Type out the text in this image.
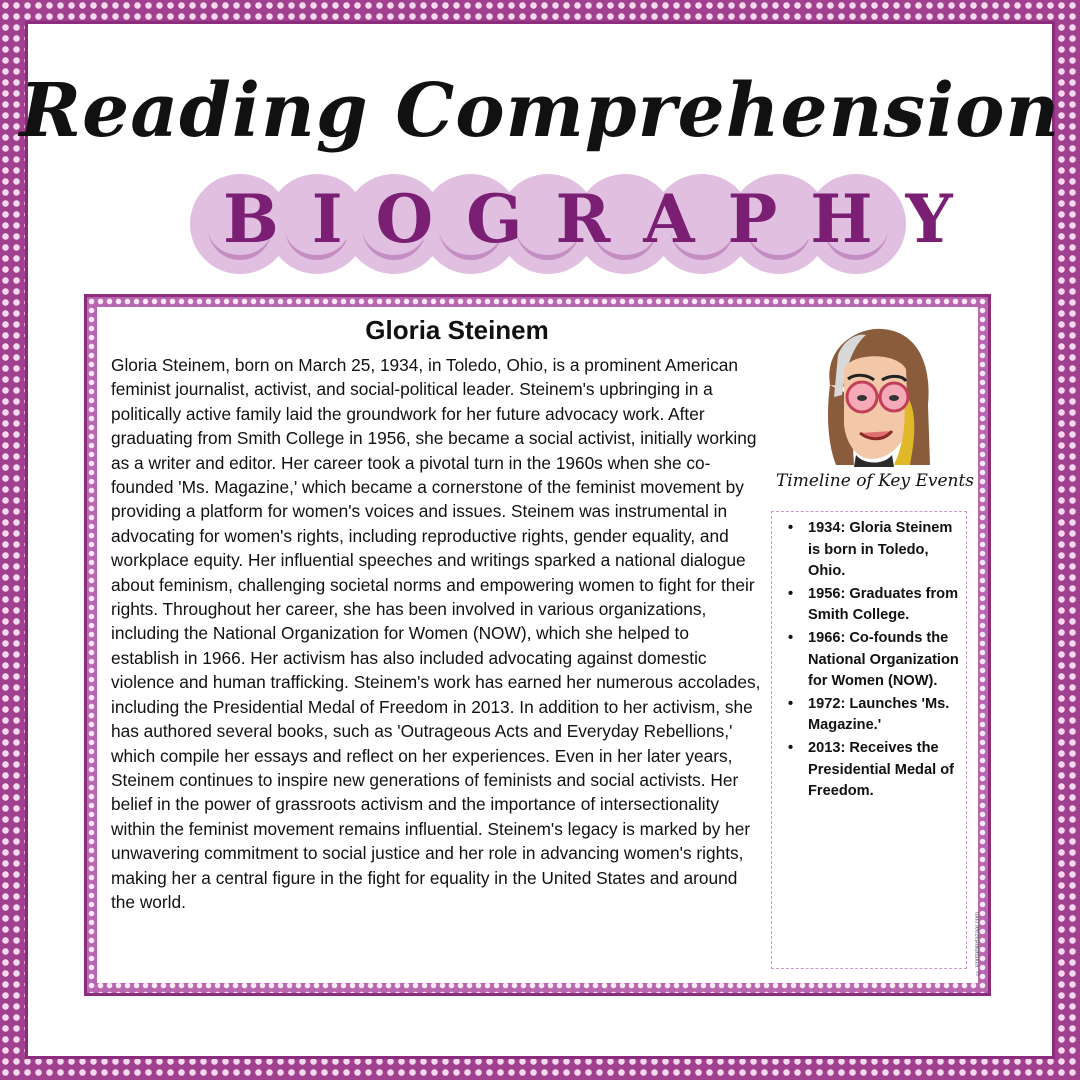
Reading Comprehension
BIOGRAPHY
Gloria Steinem
Gloria Steinem, born on March 25, 1934, in Toledo, Ohio, is a prominent American feminist journalist, activist, and social-political leader. Steinem's upbringing in a politically active family laid the groundwork for her future advocacy work. After graduating from Smith College in 1956, she became a social activist, initially working as a writer and editor. Her career took a pivotal turn in the 1960s when she co-founded 'Ms. Magazine,' which became a cornerstone of the feminist movement by providing a platform for women's voices and issues. Steinem was instrumental in advocating for women's rights, including reproductive rights, gender equality, and workplace equity. Her influential speeches and writings sparked a national dialogue about feminism, challenging societal norms and empowering women to fight for their rights. Throughout her career, she has been involved in various organizations, including the National Organization for Women (NOW), which she helped to establish in 1966. Her activism has also included advocating against domestic violence and human trafficking. Steinem's work has earned her numerous accolades, including the Presidential Medal of Freedom in 2013. In addition to her activism, she has authored several books, such as 'Outrageous Acts and Everyday Rebellions,' which compile her essays and reflect on her experiences. Even in her later years, Steinem continues to inspire new generations of feminists and social activists. Her belief in the power of grassroots activism and the importance of intersectionality within the feminist movement remains influential. Steinem's legacy is marked by her unwavering commitment to social justice and her role in advancing women's rights, making her a central figure in the fight for equality in the United States and around the world.
Timeline of Key Events
• 1934: Gloria Steinem is born in Toledo, Ohio.
• 1956: Graduates from Smith College.
• 1966: Co-founds the National Organization for Women (NOW).
• 1972: Launches 'Ms. Magazine.'
• 2013: Receives the Presidential Medal of Freedom.
© PrintableBazaar.com
